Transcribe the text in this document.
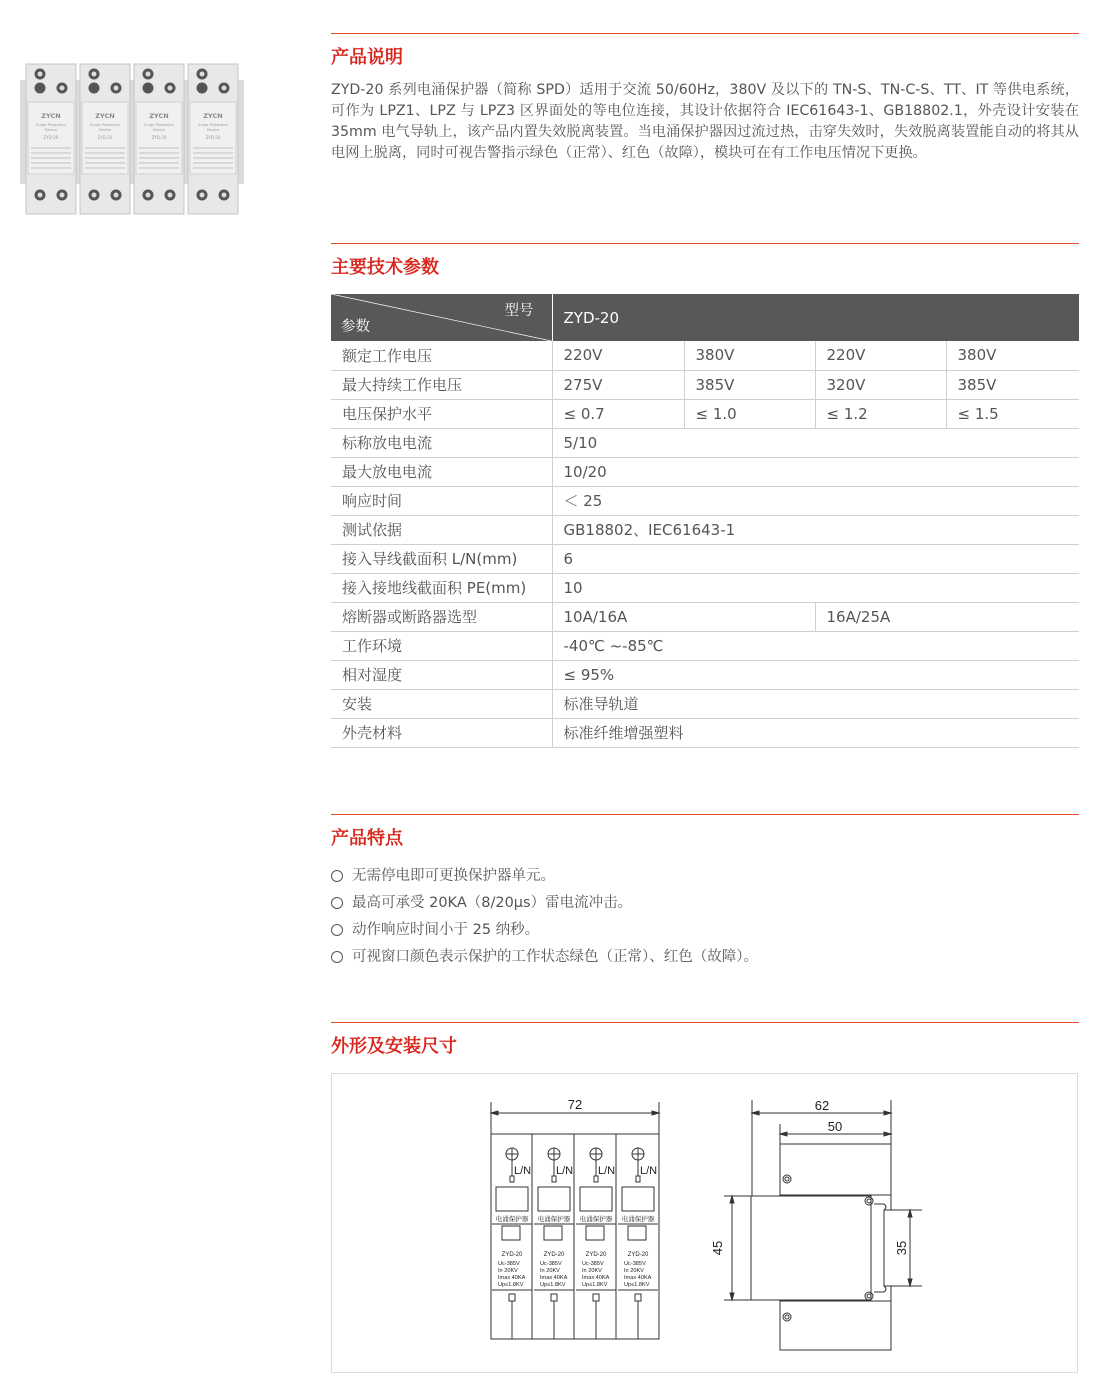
ZYCN
Surge Protection
Device
ZYD-20
ZYCN
Surge Protection
Device
ZYD-20
ZYCN
Surge Protection
Device
ZYD-20
ZYCN
Surge Protection
Device
ZYD-20
产品说明

ZYD-20 系列电涌保护器（简称 SPD）适用于交流 50/60Hz，380V 及以下的 TN-S、TN-C-S、TT、IT 等供电系统，可作为 LPZ1、LPZ 与 LPZ3 区界面处的等电位连接，其设计依据符合 IEC61643-1、GB18802.1，外壳设计安装在 35mm 电气导轨上，该产品内置失效脱离装置。当电涌保护器因过流过热，击穿失效时，失效脱离装置能自动的将其从电网上脱离，同时可视告警指示绿色（正常）、红色（故障），模块可在有工作电压情况下更换。

主要技术参数
型号
参数	ZYD-20			
额定工作电压	220V	380V	220V	380V
最大持续工作电压	275V	385V	320V	385V
电压保护水平	≤ 0.7	≤ 1.0	≤ 1.2	≤ 1.5
标称放电电流	5/10			
最大放电电流	10/20			
响应时间	＜ 25			
测试依据	GB18802、IEC61643-1			
接入导线截面积 L/N(mm)	6			
接入接地线截面积 PE(mm)	10			
熔断器或断路器选型	10A/16A		16A/25A	
工作环境	-40℃ ~-85℃			
相对湿度	≤ 95%			
安装	标准导轨道			
外壳材料	标准纤维增强塑料			
产品特点
无需停电即可更换保护器单元。
最高可承受 20KA（8/20μs）雷电流冲击。
动作响应时间小于 25 纳秒。
可视窗口颜色表示保护的工作状态绿色（正常）、红色（故障）。
外形及安装尺寸
L/N
电涌保护器
ZYD-20
Uc-385V
In 20KV
Imax 40KA
Up≤1.8KV
L/N
电涌保护器
ZYD-20
Uc-385V
In 20KV
Imax 40KA
Up≤1.8KV
L/N
电涌保护器
ZYD-20
Uc-385V
In 20KV
Imax 40KA
Up≤1.8KV
L/N
电涌保护器
ZYD-20
Uc-385V
In 20KV
Imax 40KA
Up≤1.8KV
72	62
50
45	35
